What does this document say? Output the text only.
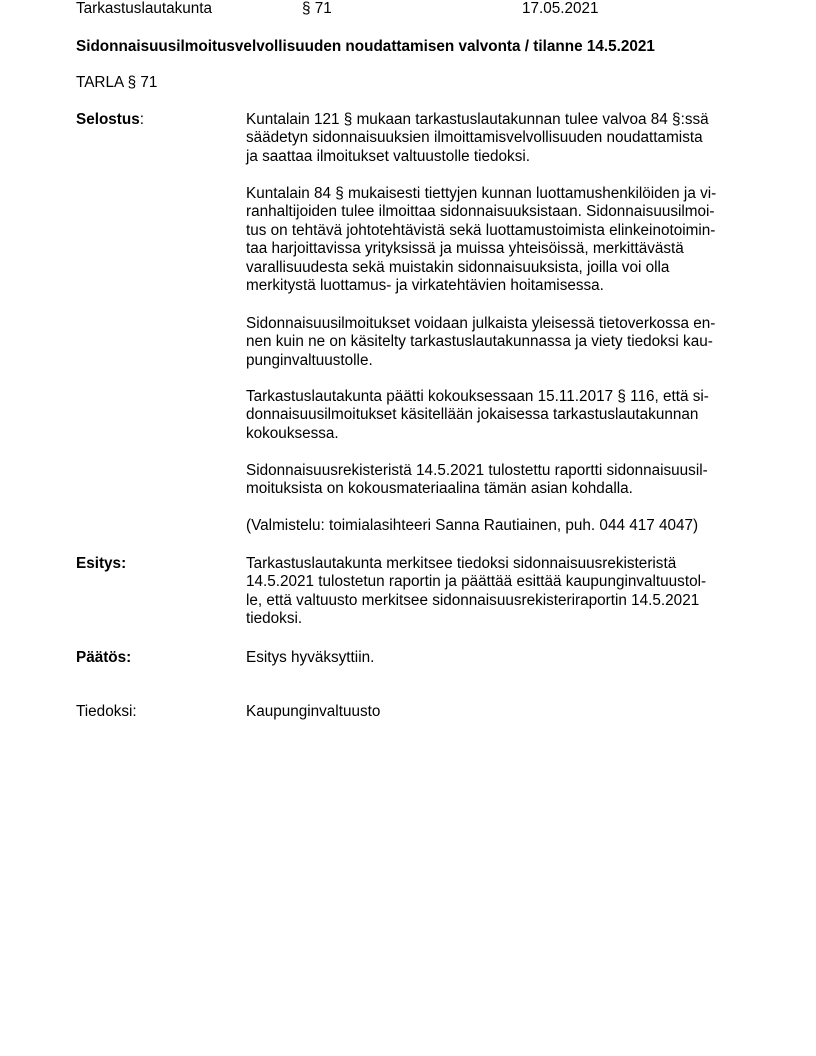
Tarkastuslautakunta	§ 71	17.05.2021
Sidonnaisuusilmoitusvelvollisuuden noudattamisen valvonta / tilanne 14.5.2021
TARLA § 71
Selostus:	Kuntalain 121 § mukaan tarkastuslautakunnan tulee valvoa 84 §:ssä
säädetyn sidonnaisuuksien ilmoittamisvelvollisuuden noudattamista
ja saattaa ilmoitukset valtuustolle tiedoksi.
Kuntalain 84 § mukaisesti tiettyjen kunnan luottamushenkilöiden ja vi-
ranhaltijoiden tulee ilmoittaa sidonnaisuuksistaan. Sidonnaisuusilmoi-
tus on tehtävä johtotehtävistä sekä luottamustoimista elinkeinotoimin-
taa harjoittavissa yrityksissä ja muissa yhteisöissä, merkittävästä
varallisuudesta sekä muistakin sidonnaisuuksista, joilla voi olla
merkitystä luottamus- ja virkatehtävien hoitamisessa.
Sidonnaisuusilmoitukset voidaan julkaista yleisessä tietoverkossa en-
nen kuin ne on käsitelty tarkastuslautakunnassa ja viety tiedoksi kau-
punginvaltuustolle.
Tarkastuslautakunta päätti kokouksessaan 15.11.2017 § 116, että si-
donnaisuusilmoitukset käsitellään jokaisessa tarkastuslautakunnan
kokouksessa.
Sidonnaisuusrekisteristä 14.5.2021 tulostettu raportti sidonnaisuusil-
moituksista on kokousmateriaalina tämän asian kohdalla.
(Valmistelu: toimialasihteeri Sanna Rautiainen, puh. 044 417 4047)
Esitys:	Tarkastuslautakunta merkitsee tiedoksi sidonnaisuusrekisteristä
14.5.2021 tulostetun raportin ja päättää esittää kaupunginvaltuustol-
le, että valtuusto merkitsee sidonnaisuusrekisteriraportin 14.5.2021
tiedoksi.
Päätös:	Esitys hyväksyttiin.
Tiedoksi:	Kaupunginvaltuusto
